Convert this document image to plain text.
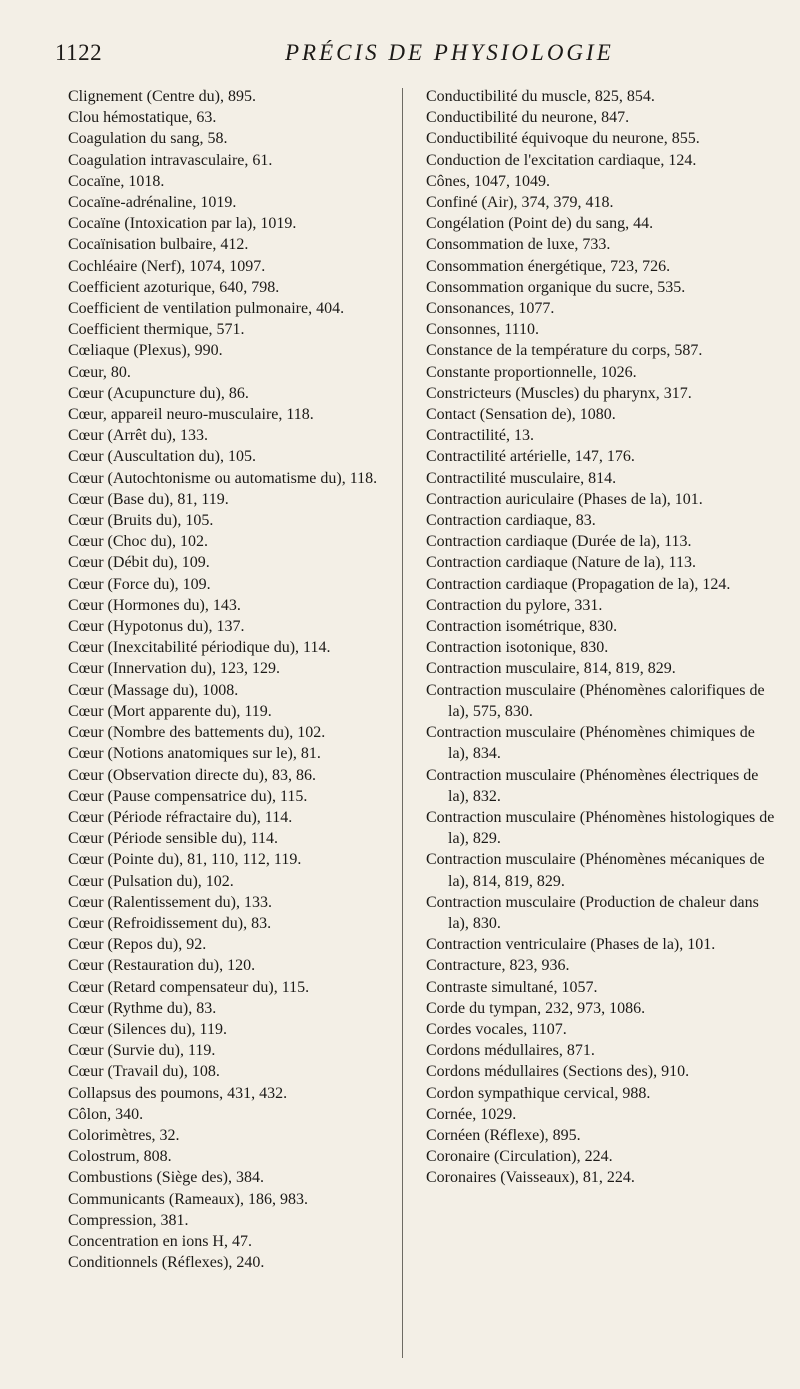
1122	PRÉCIS DE PHYSIOLOGIE
Clignement (Centre du), 895.
Clou hémostatique, 63.
Coagulation du sang, 58.
Coagulation intravasculaire, 61.
Cocaïne, 1018.
Cocaïne-adrénaline, 1019.
Cocaïne (Intoxication par la), 1019.
Cocaïnisation bulbaire, 412.
Cochléaire (Nerf), 1074, 1097.
Coefficient azoturique, 640, 798.
Coefficient de ventilation pulmonaire, 404.
Coefficient thermique, 571.
Cœliaque (Plexus), 990.
Cœur, 80.
Cœur (Acupuncture du), 86.
Cœur, appareil neuro-musculaire, 118.
Cœur (Arrêt du), 133.
Cœur (Auscultation du), 105.
Cœur (Autochtonisme ou automatisme du), 118.
Cœur (Base du), 81, 119.
Cœur (Bruits du), 105.
Cœur (Choc du), 102.
Cœur (Débit du), 109.
Cœur (Force du), 109.
Cœur (Hormones du), 143.
Cœur (Hypotonus du), 137.
Cœur (Inexcitabilité périodique du), 114.
Cœur (Innervation du), 123, 129.
Cœur (Massage du), 1008.
Cœur (Mort apparente du), 119.
Cœur (Nombre des battements du), 102.
Cœur (Notions anatomiques sur le), 81.
Cœur (Observation directe du), 83, 86.
Cœur (Pause compensatrice du), 115.
Cœur (Période réfractaire du), 114.
Cœur (Période sensible du), 114.
Cœur (Pointe du), 81, 110, 112, 119.
Cœur (Pulsation du), 102.
Cœur (Ralentissement du), 133.
Cœur (Refroidissement du), 83.
Cœur (Repos du), 92.
Cœur (Restauration du), 120.
Cœur (Retard compensateur du), 115.
Cœur (Rythme du), 83.
Cœur (Silences du), 119.
Cœur (Survie du), 119.
Cœur (Travail du), 108.
Collapsus des poumons, 431, 432.
Côlon, 340.
Colorimètres, 32.
Colostrum, 808.
Combustions (Siège des), 384.
Communicants (Rameaux), 186, 983.
Compression, 381.
Concentration en ions H, 47.
Conditionnels (Réflexes), 240.
Conductibilité du muscle, 825, 854.
Conductibilité du neurone, 847.
Conductibilité équivoque du neurone, 855.
Conduction de l'excitation cardiaque, 124.
Cônes, 1047, 1049.
Confiné (Air), 374, 379, 418.
Congélation (Point de) du sang, 44.
Consommation de luxe, 733.
Consommation énergétique, 723, 726.
Consommation organique du sucre, 535.
Consonances, 1077.
Consonnes, 1110.
Constance de la température du corps, 587.
Constante proportionnelle, 1026.
Constricteurs (Muscles) du pharynx, 317.
Contact (Sensation de), 1080.
Contractilité, 13.
Contractilité artérielle, 147, 176.
Contractilité musculaire, 814.
Contraction auriculaire (Phases de la), 101.
Contraction cardiaque, 83.
Contraction cardiaque (Durée de la), 113.
Contraction cardiaque (Nature de la), 113.
Contraction cardiaque (Propagation de la), 124.
Contraction du pylore, 331.
Contraction isométrique, 830.
Contraction isotonique, 830.
Contraction musculaire, 814, 819, 829.
Contraction musculaire (Phénomènes calorifiques de la), 575, 830.
Contraction musculaire (Phénomènes chimiques de la), 834.
Contraction musculaire (Phénomènes électriques de la), 832.
Contraction musculaire (Phénomènes histologiques de la), 829.
Contraction musculaire (Phénomènes mécaniques de la), 814, 819, 829.
Contraction musculaire (Production de chaleur dans la), 830.
Contraction ventriculaire (Phases de la), 101.
Contracture, 823, 936.
Contraste simultané, 1057.
Corde du tympan, 232, 973, 1086.
Cordes vocales, 1107.
Cordons médullaires, 871.
Cordons médullaires (Sections des), 910.
Cordon sympathique cervical, 988.
Cornée, 1029.
Cornéen (Réflexe), 895.
Coronaire (Circulation), 224.
Coronaires (Vaisseaux), 81, 224.
